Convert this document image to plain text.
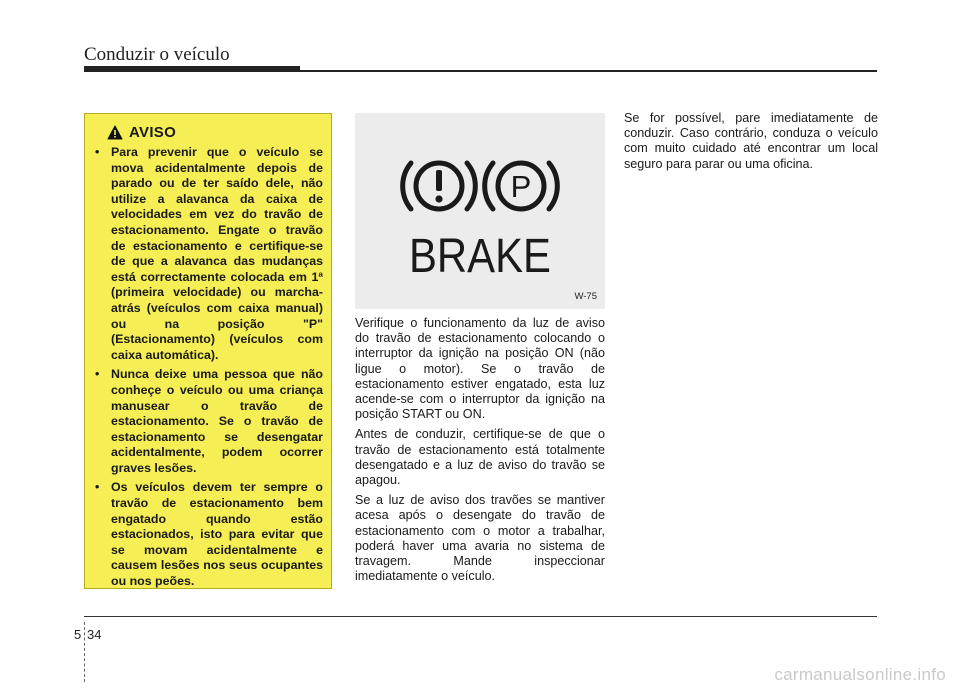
Conduzir o veículo
AVISO
• Para prevenir que o veículo se mova acidentalmente depois de parado ou de ter saído dele, não utilize a alavanca da caixa de velocidades em vez do travão de estacionamento. Engate o travão de estacionamento e certifique-se de que a alavanca das mudanças está correctamente colocada em 1ª (primeira velocidade) ou marcha-atrás (veículos com caixa manual) ou na posição "P" (Estacionamento) (veículos com caixa automática).
• Nunca deixe uma pessoa que não conheçe o veículo ou uma criança manusear o travão de estacionamento. Se o travão de estacionamento se desengatar acidentalmente, podem ocorrer graves lesões.
• Os veículos devem ter sempre o travão de estacionamento bem engatado quando estão estacionados, isto para evitar que se movam acidentalmente e causem lesões nos seus ocupantes ou nos peões.
P
BRAKE
W-75

Verifique o funcionamento da luz de aviso do travão de estacionamento colocando o interruptor da ignição na posição ON (não ligue o motor). Se o travão de estacionamento estiver engatado, esta luz acende-se com o interruptor da ignição na posição START ou ON.

Antes de conduzir, certifique-se de que o travão de estacionamento está totalmente desengatado e a luz de aviso do travão se apagou.

Se a luz de aviso dos travões se mantiver acesa após o desengate do travão de estacionamento com o motor a trabalhar, poderá haver uma avaria no sistema de travagem. Mande inspeccionar imediatamente o veículo.

Se for possível, pare imediatamente de conduzir. Caso contrário, conduza o veículo com muito cuidado até encontrar um local seguro para parar ou uma oficina.

5 34
carmanualsonline.info
